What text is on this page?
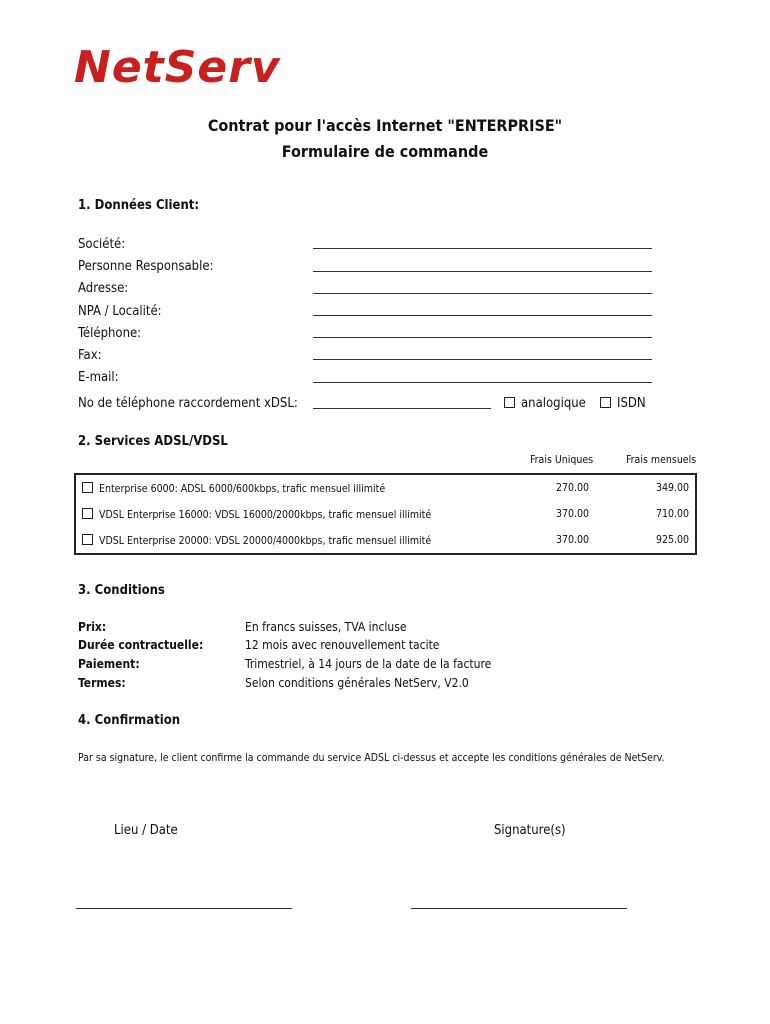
NetServ
Contrat pour l'accès Internet "ENTERPRISE"
Formulaire de commande
1. Données Client:
Société:
Personne Responsable:
Adresse:
NPA / Localité:
Téléphone:
Fax:
E-mail:
No de téléphone raccordement xDSL:	analogique	ISDN
2. Services ADSL/VDSL
Frais Uniques	Frais mensuels
Enterprise 6000: ADSL 6000/600kbps, trafic mensuel illimité	270.00	349.00
VDSL Enterprise 16000: VDSL 16000/2000kbps, trafic mensuel illimité	370.00	710.00
VDSL Enterprise 20000: VDSL 20000/4000kbps, trafic mensuel illimité	370.00	925.00
3. Conditions
Prix:	En francs suisses, TVA incluse
Durée contractuelle:	12 mois avec renouvellement tacite
Paiement:	Trimestriel, à 14 jours de la date de la facture
Termes:	Selon conditions générales NetServ, V2.0
4. Confirmation
Par sa signature, le client confirme la commande du service ADSL ci-dessus et accepte les conditions générales de NetServ.
Lieu / Date	Signature(s)
